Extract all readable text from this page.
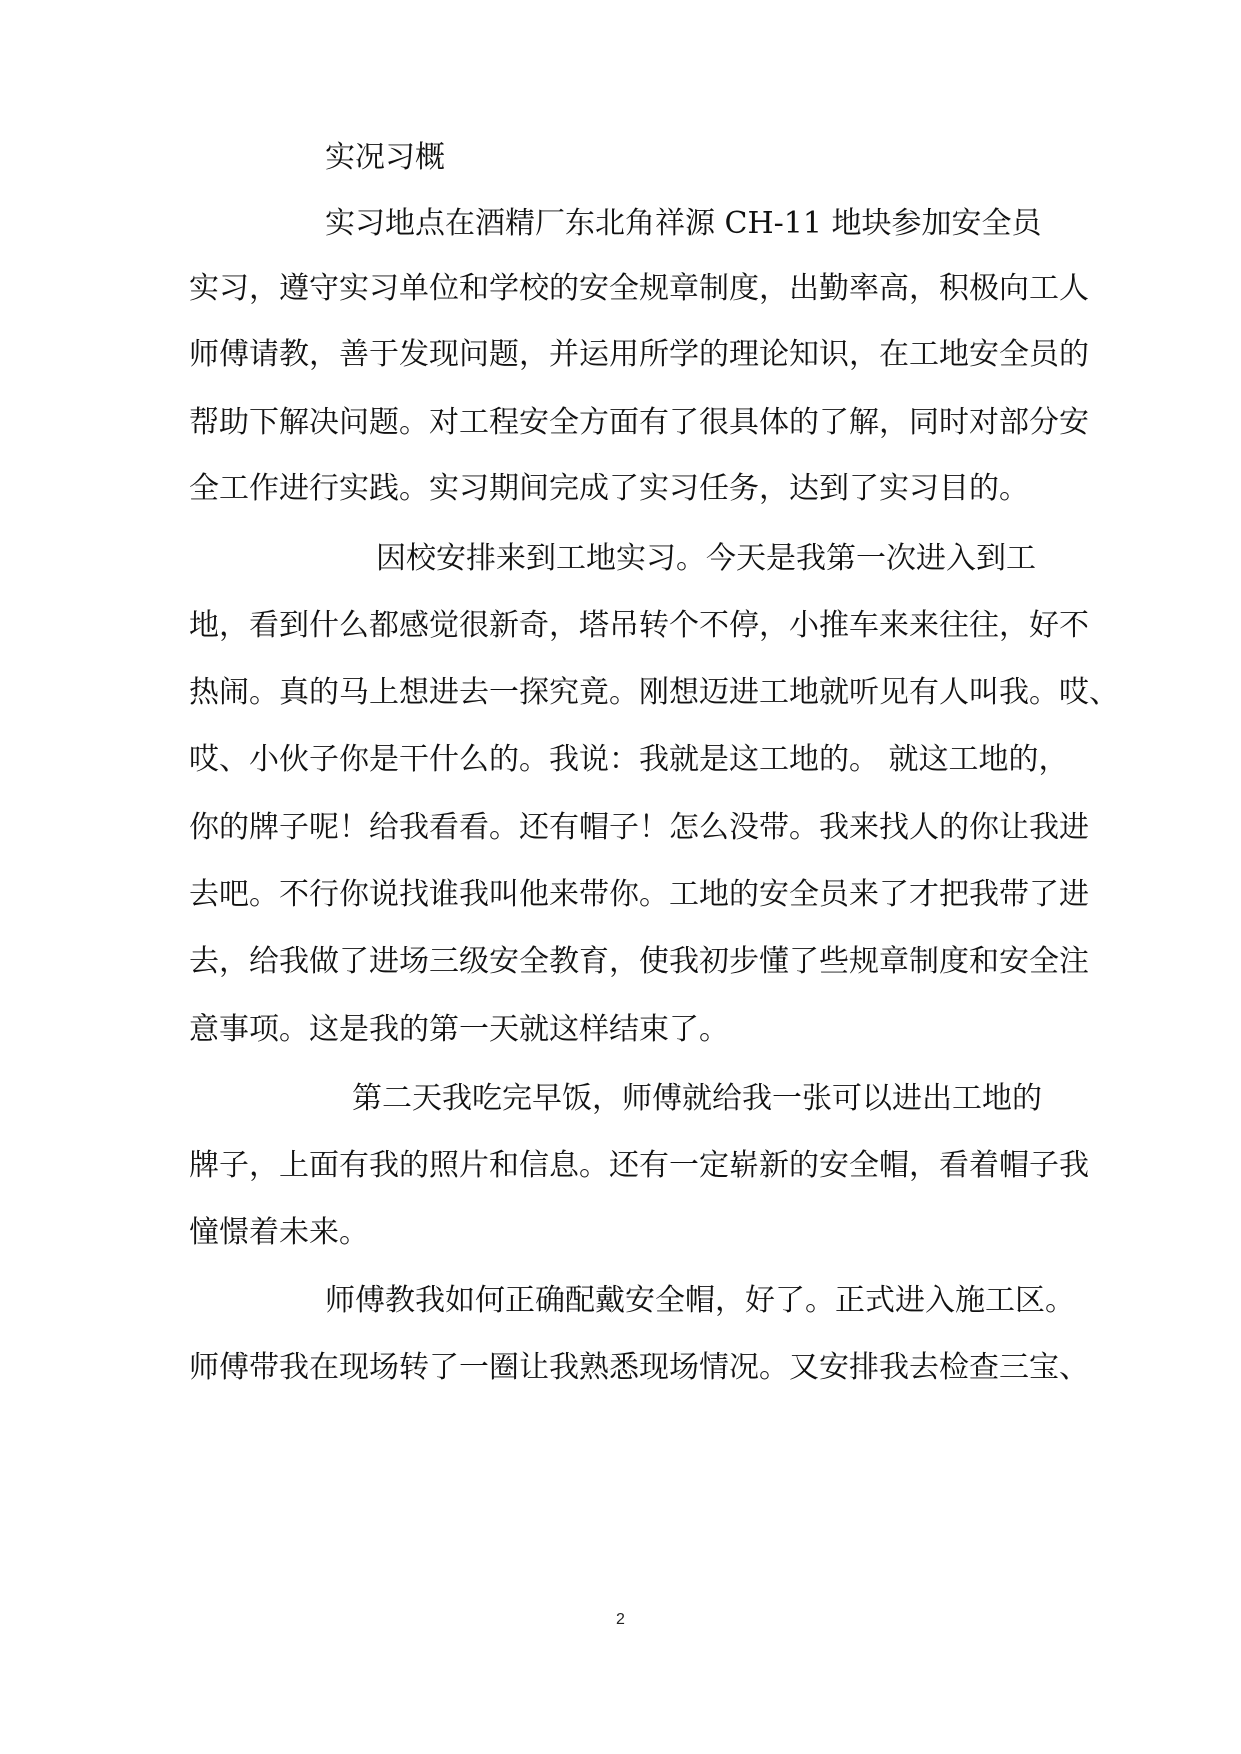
实况习概
实习地点在酒精厂东北角祥源 CH-11 地块参加安全员
实习，遵守实习单位和学校的安全规章制度，出勤率高，积极向工人
师傅请教，善于发现问题，并运用所学的理论知识，在工地安全员的
帮助下解决问题。对工程安全方面有了很具体的了解，同时对部分安
全工作进行实践。实习期间完成了实习任务，达到了实习目的。
因校安排来到工地实习。今天是我第一次进入到工
地，看到什么都感觉很新奇，塔吊转个不停，小推车来来往往，好不
热闹。真的马上想进去一探究竟。刚想迈进工地就听见有人叫我。哎、
哎、小伙子你是干什么的。我说：我就是这工地的。 就这工地的，
你的牌子呢！给我看看。还有帽子！怎么没带。我来找人的你让我进
去吧。不行你说找谁我叫他来带你。工地的安全员来了才把我带了进
去，给我做了进场三级安全教育，使我初步懂了些规章制度和安全注
意事项。这是我的第一天就这样结束了。
第二天我吃完早饭，师傅就给我一张可以进出工地的
牌子，上面有我的照片和信息。还有一定崭新的安全帽，看着帽子我
憧憬着未来。
师傅教我如何正确配戴安全帽，好了。正式进入施工区。
师傅带我在现场转了一圈让我熟悉现场情况。又安排我去检查三宝、
2
